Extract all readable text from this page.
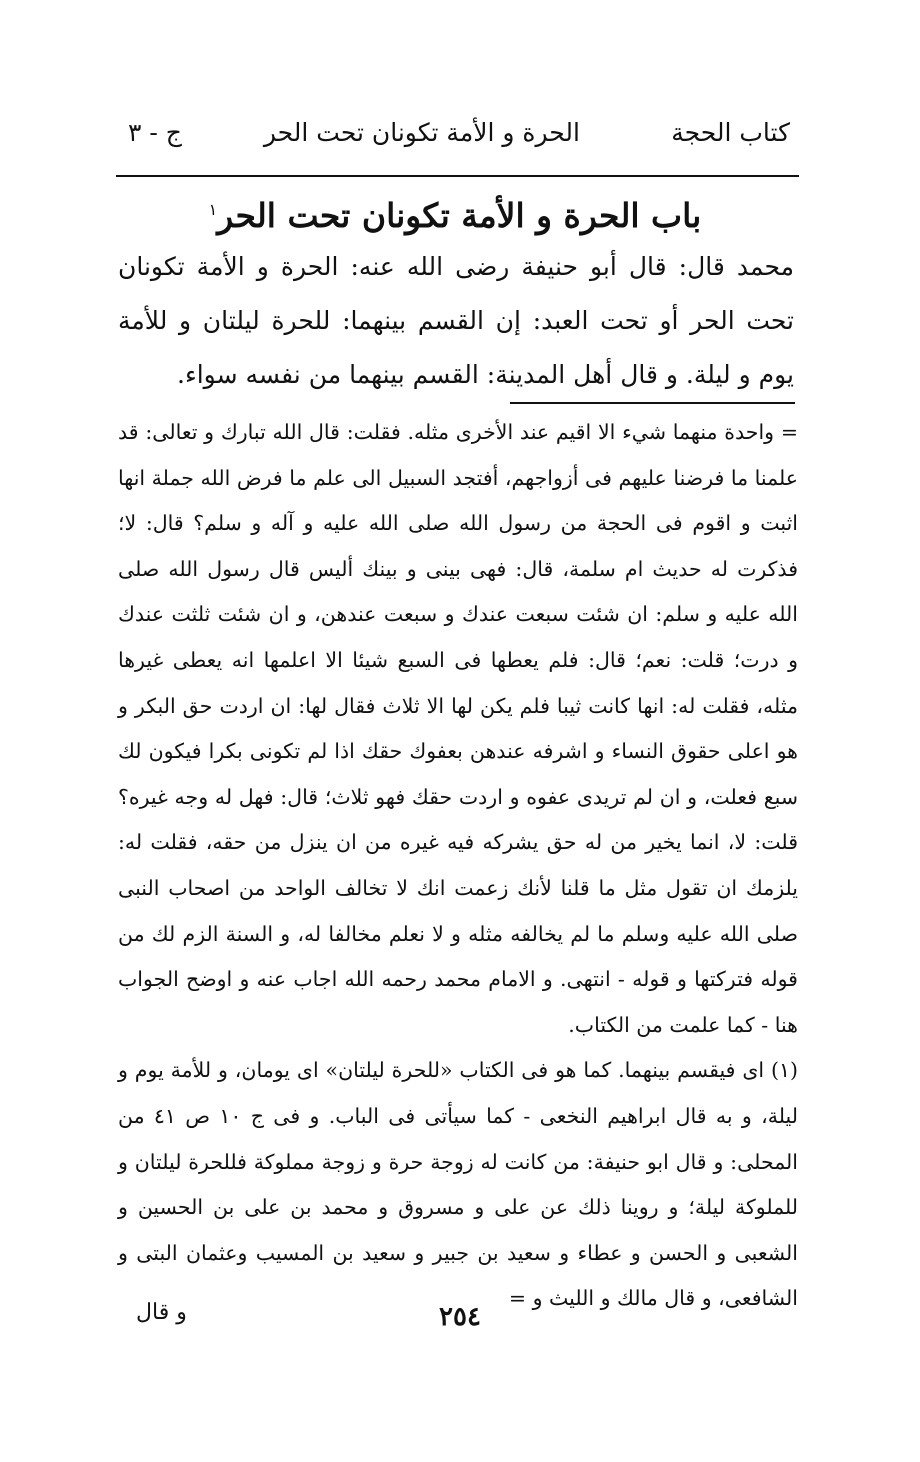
كتاب الحجة
الحرة و الأمة تكونان تحت الحر
ج - ٣
باب الحرة و الأمة تكونان تحت الحر$^١$

محمد قال: قال أبو حنيفة رضى الله عنه: الحرة و الأمة تكونان تحت الحر أو تحت العبد: إن القسم بينهما: للحرة ليلتان و للأمة يوم و ليلة. و قال أهل المدينة: القسم بينهما من نفسه سواء.

= واحدة منهما شيء الا اقيم عند الأخرى مثله. فقلت: قال الله تبارك و تعالى: قد علمنا ما فرضنا عليهم فى أزواجهم، أفتجد السبيل الى علم ما فرض الله جملة انها اثبت و اقوم فى الحجة من رسول الله صلى الله عليه و آله و سلم؟ قال: لا؛ فذكرت له حديث ام سلمة، قال: فهى بينى و بينك أليس قال رسول الله صلى الله عليه و سلم: ان شئت سبعت عندك و سبعت عندهن، و ان شئت ثلثت عندك و درت؛ قلت: نعم؛ قال: فلم يعطها فى السبع شيئا الا اعلمها انه يعطى غيرها مثله، فقلت له: انها كانت ثيبا فلم يكن لها الا ثلاث فقال لها: ان اردت حق البكر و هو اعلى حقوق النساء و اشرفه عندهن بعفوك حقك اذا لم تكونى بكرا فيكون لك سبع فعلت، و ان لم تريدى عفوه و اردت حقك فهو ثلاث؛ قال: فهل له وجه غيره؟ قلت: لا، انما يخير من له حق يشركه فيه غيره من ان ينزل من حقه، فقلت له: يلزمك ان تقول مثل ما قلنا لأنك زعمت انك لا تخالف الواحد من اصحاب النبى صلى الله عليه وسلم ما لم يخالفه مثله و لا نعلم مخالفا له، و السنة الزم لك من قوله فتركتها و قوله - انتهى. و الامام محمد رحمه الله اجاب عنه و اوضح الجواب هنا - كما علمت من الكتاب.

(١) اى فيقسم بينهما. كما هو فى الكتاب «للحرة ليلتان» اى يومان، و للأمة يوم و ليلة، و به قال ابراهيم النخعى - كما سيأتى فى الباب. و فى ج ١٠ ص ٤١ من المحلى: و قال ابو حنيفة: من كانت له زوجة حرة و زوجة مملوكة فللحرة ليلتان و للملوكة ليلة؛ و روينا ذلك عن على و مسروق و محمد بن على بن الحسين و الشعبى و الحسن و عطاء و سعيد بن جبير و سعيد بن المسيب وعثمان البتى و الشافعى، و قال مالك و الليث و =

٢٥٤
و قال
